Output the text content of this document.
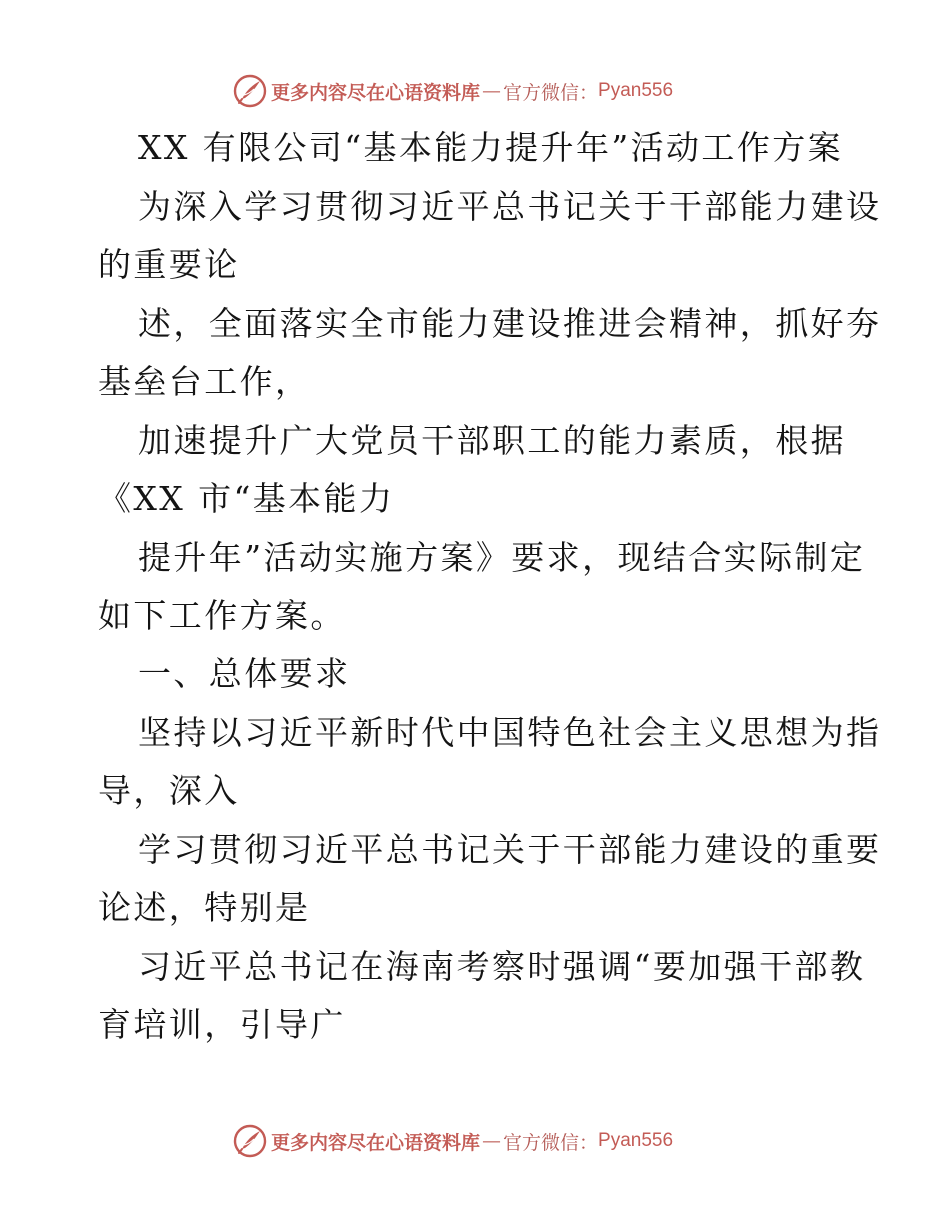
更多内容尽在心语资料库 — 官方微信： Pyan556
XX 有限公司“基本能力提升年”活动工作方案
为深入学习贯彻习近平总书记关于干部能力建设
的重要论
述，全面落实全市能力建设推进会精神，抓好夯
基垒台工作，
加速提升广大党员干部职工的能力素质，根据
《XX 市“基本能力
提升年”活动实施方案》要求，现结合实际制定
如下工作方案。
一、总体要求
坚持以习近平新时代中国特色社会主义思想为指
导，深入
学习贯彻习近平总书记关于干部能力建设的重要
论述，特别是
习近平总书记在海南考察时强调“要加强干部教
育培训，引导广
更多内容尽在心语资料库 — 官方微信： Pyan556
